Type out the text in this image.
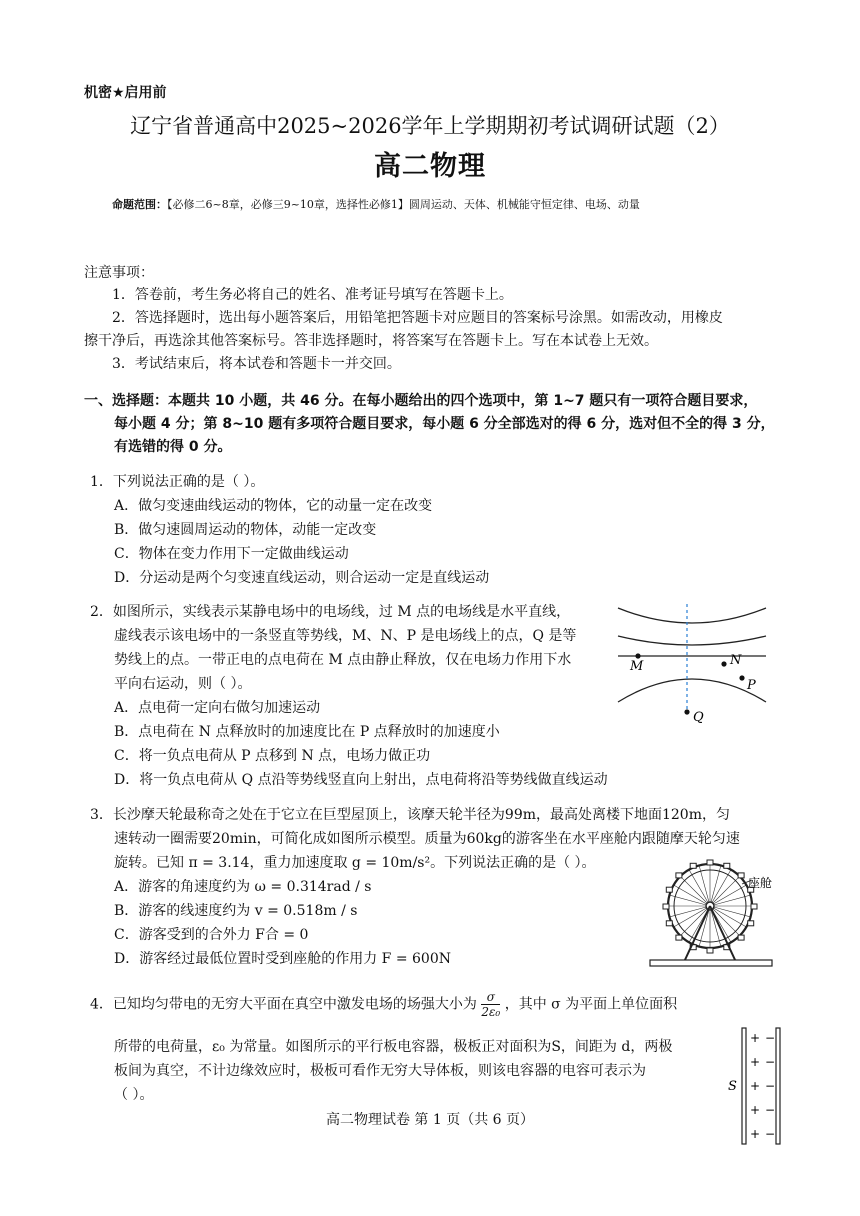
机密★启用前
辽宁省普通高中2025~2026学年上学期期初考试调研试题（2）
高二物理
命题范围：【必修二6~8章，必修三9~10章，选择性必修1】圆周运动、天体、机械能守恒定律、电场、动量
注意事项：
1．答卷前，考生务必将自己的姓名、准考证号填写在答题卡上。
2．答选择题时，选出每小题答案后，用铅笔把答题卡对应题目的答案标号涂黑。如需改动，用橡皮
擦干净后，再选涂其他答案标号。答非选择题时，将答案写在答题卡上。写在本试卷上无效。
3．考试结束后，将本试卷和答题卡一并交回。
一、选择题：本题共 10 小题，共 46 分。在每小题给出的四个选项中，第 1~7 题只有一项符合题目要求，
每小题 4 分；第 8~10 题有多项符合题目要求，每小题 6 分全部选对的得 6 分，选对但不全的得 3 分，
有选错的得 0 分。
1．下列说法正确的是（ ）。
A．做匀变速曲线运动的物体，它的动量一定在改变
B．做匀速圆周运动的物体，动能一定改变
C．物体在变力作用下一定做曲线运动
D．分运动是两个匀变速直线运动，则合运动一定是直线运动
2．如图所示，实线表示某静电场中的电场线，过 M 点的电场线是水平直线，
虚线表示该电场中的一条竖直等势线，M、N、P 是电场线上的点，Q 是等
势线上的点。一带正电的点电荷在 M 点由静止释放，仅在电场力作用下水
平向右运动，则（ ）。
A．点电荷一定向右做匀加速运动
B．点电荷在 N 点释放时的加速度比在 P 点释放时的加速度小
C．将一负点电荷从 P 点移到 N 点，电场力做正功
D．将一负点电荷从 Q 点沿等势线竖直向上射出，点电荷将沿等势线做直线运动
M	N
P
Q
3．长沙摩天轮最称奇之处在于它立在巨型屋顶上，该摩天轮半径为99m，最高处离楼下地面120m，匀
速转动一圈需要20min，可简化成如图所示模型。质量为60kg的游客坐在水平座舱内跟随摩天轮匀速
旋转。已知 π = 3.14，重力加速度取 g = 10m/s²。下列说法正确的是（ ）。
A．游客的角速度约为 ω = 0.314rad / s
B．游客的线速度约为 v = 0.518m / s
C．游客受到的合外力 F合 = 0
D．游客经过最低位置时受到座舱的作用力 F = 600N
座舱
4．已知均匀带电的无穷大平面在真空中激发电场的场强大小为 $\frac{\sigma}{\text{2ε₀}}$ ，其中 σ 为平面上单位面积
所带的电荷量，ε₀ 为常量。如图所示的平行板电容器，极板正对面积为S，间距为 d，两极
板间为真空，不计边缘效应时，极板可看作无穷大导体板，则该电容器的电容可表示为
（ ）。
S
+ −
+ −
+ −
+ −
+ −
高二物理试卷 第 1 页（共 6 页）
